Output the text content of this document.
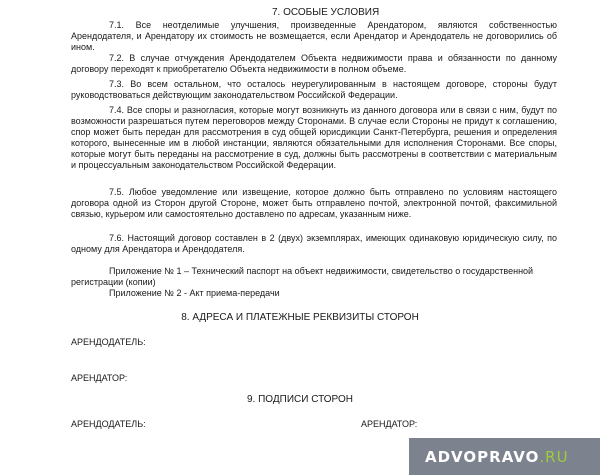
7. ОСОБЫЕ УСЛОВИЯ

7.1. Все неотделимые улучшения, произведенные Арендатором, являются собственностью Арендодателя, и Арендатору их стоимость не возмещается, если Арендатор и Арендодатель не договорились об ином.

7.2. В случае отчуждения Арендодателем Объекта недвижимости права и обязанности по данному договору переходят к приобретателю Объекта недвижимости в полном объеме.

7.3. Во всем остальном, что осталось неурегулированным в настоящем договоре, стороны будут руководствоваться действующим законодательством Российской Федерации.

7.4. Все споры и разногласия, которые могут возникнуть из данного договора или в связи с ним, будут по возможности разрешаться путем переговоров между Сторонами. В случае если Стороны не придут к соглашению, спор может быть передан для рассмотрения в суд общей юрисдикции Санкт-Петербурга, решения и определения которого, вынесенные им в любой инстанции, являются обязательными для исполнения Сторонами. Все споры, которые могут быть переданы на рассмотрение в суд, должны быть рассмотрены в соответствии с материальным и процессуальным законодательством Российской Федерации.

7.5. Любое уведомление или извещение, которое должно быть отправлено по условиям настоящего договора одной из Сторон другой Стороне, может быть отправлено почтой, электронной почтой, факсимильной связью, курьером или самостоятельно доставлено по адресам, указанным ниже.

7.6. Настоящий договор составлен в 2 (двух) экземплярах, имеющих одинаковую юридическую силу, по одному для Арендатора и Арендодателя.

Приложение № 1 – Технический паспорт на объект недвижимости, свидетельство о государственной регистрации (копии)

Приложение № 2 - Акт приема-передачи

8. АДРЕСА И ПЛАТЕЖНЫЕ РЕКВИЗИТЫ СТОРОН
АРЕНДОДАТЕЛЬ:
АРЕНДАТОР:
9. ПОДПИСИ СТОРОН
АРЕНДОДАТЕЛЬ:	АРЕНДАТОР:
ADVOPRAVO.RU
